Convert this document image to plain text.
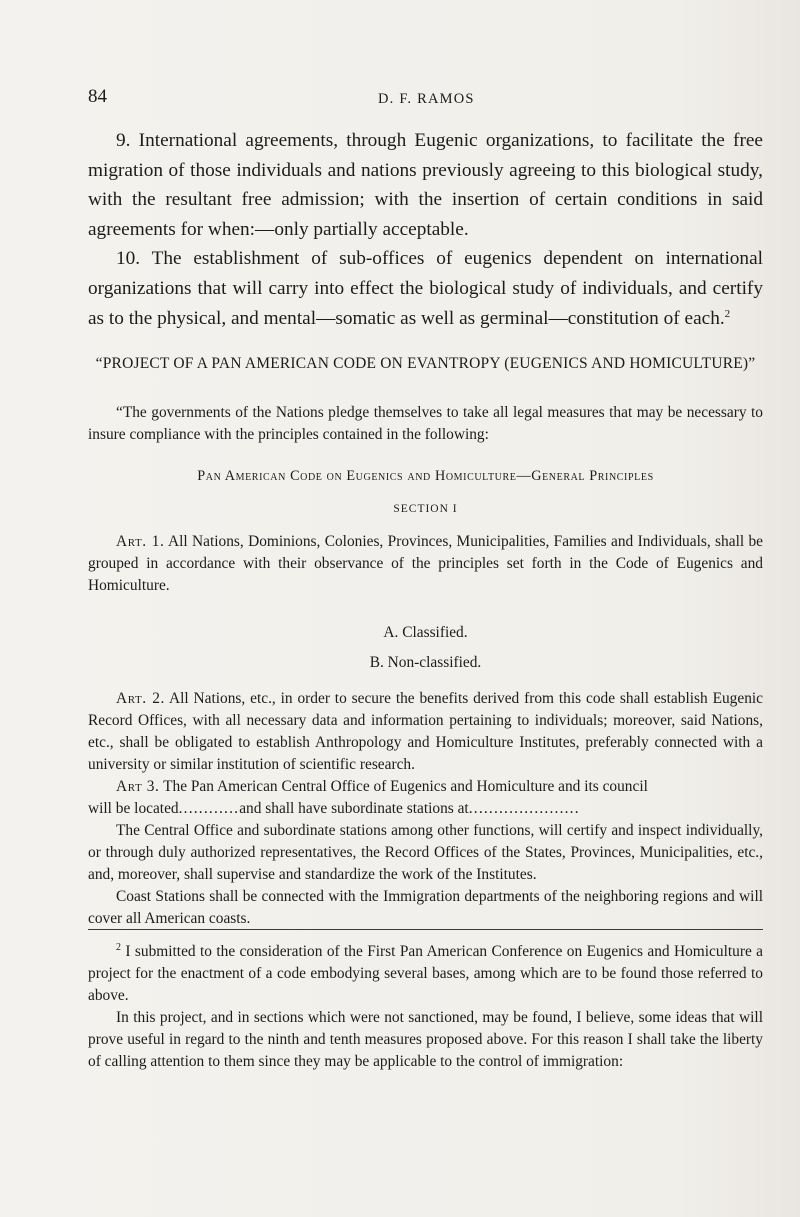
84	D. F. RAMOS

9. International agreements, through Eugenic organizations, to facilitate the free migration of those individuals and nations previously agreeing to this biological study, with the resultant free admission; with the insertion of certain conditions in said agreements for when:—only partially acceptable.

10. The establishment of sub-offices of eugenics dependent on international organizations that will carry into effect the biological study of individuals, and certify as to the physical, and mental—somatic as well as germinal—constitution of each.$^2$

“PROJECT OF A PAN AMERICAN CODE ON EVANTROPY (EUGENICS AND HOMICULTURE)”

“The governments of the Nations pledge themselves to take all legal measures that may be necessary to insure compliance with the principles contained in the following:

Pan American Code on Eugenics and Homiculture—General Principles
SECTION I

Art. 1. All Nations, Dominions, Colonies, Provinces, Municipalities, Families and Individuals, shall be grouped in accordance with their observance of the principles set forth in the Code of Eugenics and Homiculture.

A. Classified.
B. Non-classified.

Art. 2. All Nations, etc., in order to secure the benefits derived from this code shall establish Eugenic Record Offices, with all necessary data and information pertaining to individuals; moreover, said Nations, etc., shall be obligated to establish Anthropology and Homiculture Institutes, preferably connected with a university or similar institution of scientific research.

Art 3. The Pan American Central Office of Eugenics and Homiculture and its council

will be located............and shall have subordinate stations at......................

The Central Office and subordinate stations among other functions, will certify and inspect individually, or through duly authorized representatives, the Record Offices of the States, Provinces, Municipalities, etc., and, moreover, shall supervise and standardize the work of the Institutes.

Coast Stations shall be connected with the Immigration departments of the neighboring regions and will cover all American coasts.

$^2$ I submitted to the consideration of the First Pan American Conference on Eugenics and Homiculture a project for the enactment of a code embodying several bases, among which are to be found those referred to above.

In this project, and in sections which were not sanctioned, may be found, I believe, some ideas that will prove useful in regard to the ninth and tenth measures proposed above. For this reason I shall take the liberty of calling attention to them since they may be applicable to the control of immigration:
